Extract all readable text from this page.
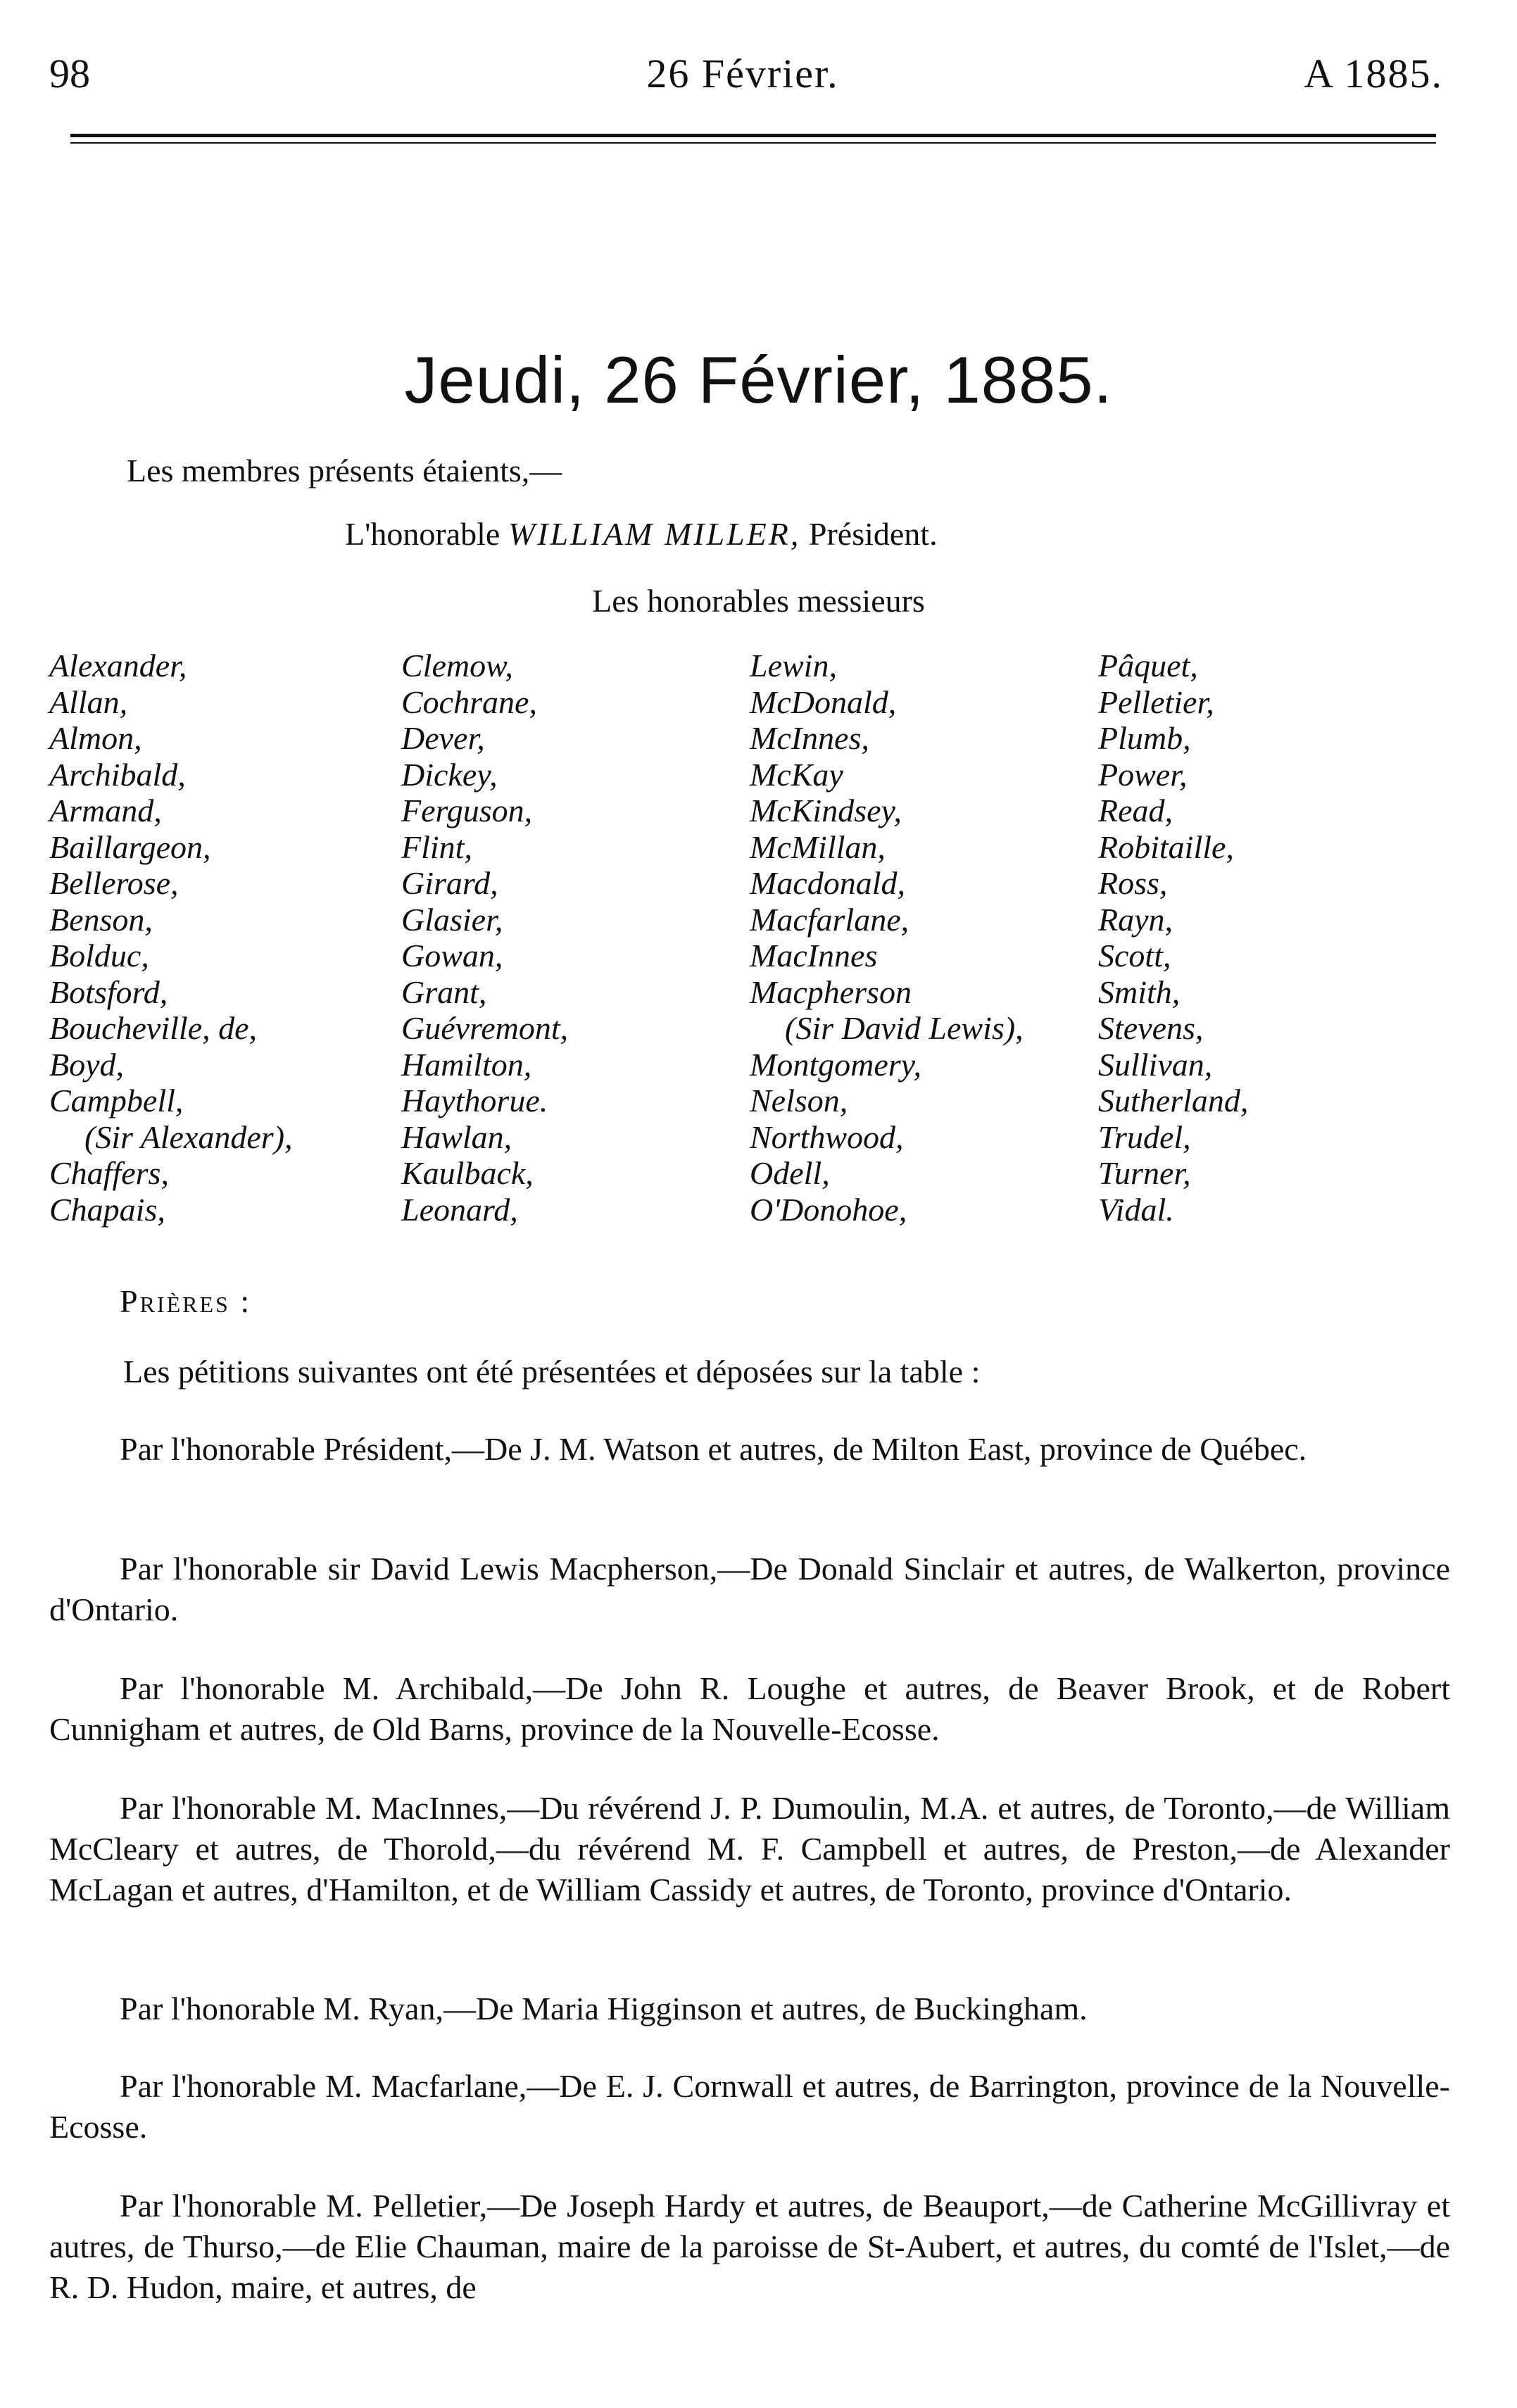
98	26 Février.	A 1885.
Jeudi, 26 Février, 1885.
Les membres présents étaients,—
L'honorable WILLIAM MILLER, Président.
Les honorables messieurs
Alexander,
Allan,
Almon,
Archibald,
Armand,
Baillargeon,
Bellerose,
Benson,
Bolduc,
Botsford,
Boucheville, de,
Boyd,
Campbell,
(Sir Alexander),
Chaffers,
Chapais,
Clemow,
Cochrane,
Dever,
Dickey,
Ferguson,
Flint,
Girard,
Glasier,
Gowan,
Grant,
Guévremont,
Hamilton,
Haythorue.
Hawlan,
Kaulback,
Leonard,
Lewin,
McDonald,
McInnes,
McKay
McKindsey,
McMillan,
Macdonald,
Macfarlane,
MacInnes
Macpherson
(Sir David Lewis),
Montgomery,
Nelson,
Northwood,
Odell,
O'Donohoe,
Pâquet,
Pelletier,
Plumb,
Power,
Read,
Robitaille,
Ross,
Rayn,
Scott,
Smith,
Stevens,
Sullivan,
Sutherland,
Trudel,
Turner,
Vidal.
Prières :
Les pétitions suivantes ont été présentées et déposées sur la table :
Par l'honorable Président,—De J. M. Watson et autres, de Milton East, province de Québec.
Par l'honorable sir David Lewis Macpherson,—De Donald Sinclair et autres, de Walkerton, province d'Ontario.
Par l'honorable M. Archibald,—De John R. Loughe et autres, de Beaver Brook, et de Robert Cunnigham et autres, de Old Barns, province de la Nouvelle-Ecosse.
Par l'honorable M. MacInnes,—Du révérend J. P. Dumoulin, M.A. et autres, de Toronto,—de William McCleary et autres, de Thorold,—du révérend M. F. Campbell et autres, de Preston,—de Alexander McLagan et autres, d'Hamilton, et de William Cassidy et autres, de Toronto, province d'Ontario.
Par l'honorable M. Ryan,—De Maria Higginson et autres, de Buckingham.
Par l'honorable M. Macfarlane,—De E. J. Cornwall et autres, de Barrington, province de la Nouvelle-Ecosse.
Par l'honorable M. Pelletier,—De Joseph Hardy et autres, de Beauport,—de Catherine McGillivray et autres, de Thurso,—de Elie Chauman, maire de la paroisse de St-Aubert, et autres, du comté de l'Islet,—de R. D. Hudon, maire, et autres, de
